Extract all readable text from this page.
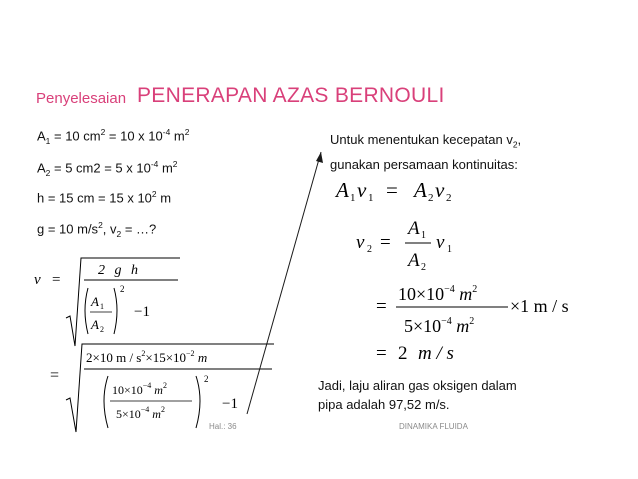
Penyelesaian PENERAPAN AZAS BERNOULI
$A_1 = 10$ $cm^2 = 10$ x $10^{-4}$ $m^2$
$A_2 = 5$ cm2 = 5 x $10^{-4}$ $m^2$
h = 15 cm = 15 x $10^2$ m
g = 10 $m/s^2$, $v_2$ = …?
v =
2 g h
A 1
A 2
2
−1
=
2×10 $m / s^2\times 15\times 10^{-2}$ m
$10\times 10^{-4}$ $m^2$
$5\times 10^{-4}$ $m^2$
2
−1
Untuk menentukan kecepatan $v_2$,
gunakan persamaan kontinuitas:
A 1 v 1 = A 2 v 2
v 2 =
A 1
A 2
v 1
=
$10\times 10^{-4}$ $m^2$
$5\times 10^{-4}$ $m^2$
×1 m / s
= 2 m / s
Jadi, laju aliran gas oksigen dalam
pipa adalah 97,52 m/s.
Hal.: 36	DINAMIKA FLUIDA
